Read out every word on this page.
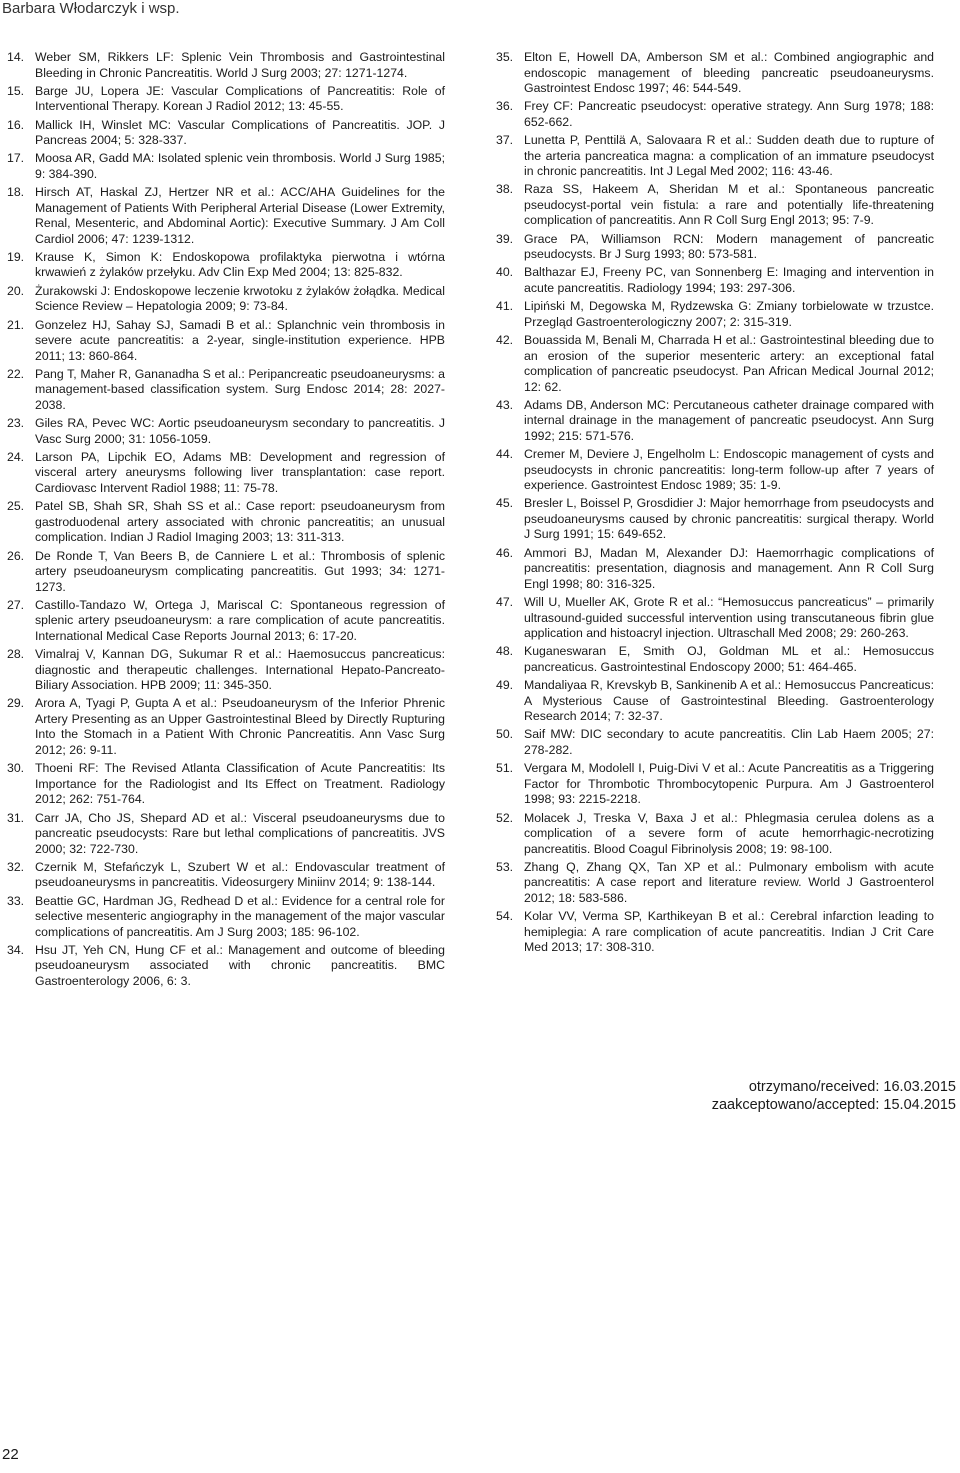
Barbara Włodarczyk i wsp.
14. Weber SM, Rikkers LF: Splenic Vein Thrombosis and Gastrointestinal Bleeding in Chronic Pancreatitis. World J Surg 2003; 27: 1271-1274.
15. Barge JU, Lopera JE: Vascular Complications of Pancreatitis: Role of Interventional Therapy. Korean J Radiol 2012; 13: 45-55.
16. Mallick IH, Winslet MC: Vascular Complications of Pancreatitis. JOP. J Pancreas 2004; 5: 328-337.
17. Moosa AR, Gadd MA: Isolated splenic vein thrombosis. World J Surg 1985; 9: 384-390.
18. Hirsch AT, Haskal ZJ, Hertzer NR et al.: ACC/AHA Guidelines for the Management of Patients With Peripheral Arterial Disease (Lower Extremity, Renal, Mesenteric, and Abdominal Aortic): Executive Summary. J Am Coll Cardiol 2006; 47: 1239-1312.
19. Krause K, Simon K: Endoskopowa profilaktyka pierwotna i wtórna krwawień z żylaków przełyku. Adv Clin Exp Med 2004; 13: 825-832.
20. Żurakowski J: Endoskopowe leczenie krwotoku z żylaków żołądka. Medical Science Review – Hepatologia 2009; 9: 73-84.
21. Gonzelez HJ, Sahay SJ, Samadi B et al.: Splanchnic vein thrombosis in severe acute pancreatitis: a 2-year, single-institution experience. HPB 2011; 13: 860-864.
22. Pang T, Maher R, Gananadha S et al.: Peripancreatic pseudoaneurysms: a management-based classification system. Surg Endosc 2014; 28: 2027-2038.
23. Giles RA, Pevec WC: Aortic pseudoaneurysm secondary to pancreatitis. J Vasc Surg 2000; 31: 1056-1059.
24. Larson PA, Lipchik EO, Adams MB: Development and regression of visceral artery aneurysms following liver transplantation: case report. Cardiovasc Intervent Radiol 1988; 11: 75-78.
25. Patel SB, Shah SR, Shah SS et al.: Case report: pseudoaneurysm from gastroduodenal artery associated with chronic pancreatitis; an unusual complication. Indian J Radiol Imaging 2003; 13: 311-313.
26. De Ronde T, Van Beers B, de Canniere L et al.: Thrombosis of splenic artery pseudoaneurysm complicating pancreatitis. Gut 1993; 34: 1271-1273.
27. Castillo-Tandazo W, Ortega J, Mariscal C: Spontaneous regression of splenic artery pseudoaneurysm: a rare complication of acute pancreatitis. International Medical Case Reports Journal 2013; 6: 17-20.
28. Vimalraj V, Kannan DG, Sukumar R et al.: Haemosuccus pancreaticus: diagnostic and therapeutic challenges. International Hepato-Pancreato-Biliary Association. HPB 2009; 11: 345-350.
29. Arora A, Tyagi P, Gupta A et al.: Pseudoaneurysm of the Inferior Phrenic Artery Presenting as an Upper Gastrointestinal Bleed by Directly Rupturing Into the Stomach in a Patient With Chronic Pancreatitis. Ann Vasc Surg 2012; 26: 9-11.
30. Thoeni RF: The Revised Atlanta Classification of Acute Pancreatitis: Its Importance for the Radiologist and Its Effect on Treatment. Radiology 2012; 262: 751-764.
31. Carr JA, Cho JS, Shepard AD et al.: Visceral pseudoaneurysms due to pancreatic pseudocysts: Rare but lethal complications of pancreatitis. JVS 2000; 32: 722-730.
32. Czernik M, Stefańczyk L, Szubert W et al.: Endovascular treatment of pseudoaneurysms in pancreatitis. Videosurgery Miniinv 2014; 9: 138-144.
33. Beattie GC, Hardman JG, Redhead D et al.: Evidence for a central role for selective mesenteric angiography in the management of the major vascular complications of pancreatitis. Am J Surg 2003; 185: 96-102.
34. Hsu JT, Yeh CN, Hung CF et al.: Management and outcome of bleeding pseudoaneurysm associated with chronic pancreatitis. BMC Gastroenterology 2006, 6: 3.
35. Elton E, Howell DA, Amberson SM et al.: Combined angiographic and endoscopic management of bleeding pancreatic pseudoaneurysms. Gastrointest Endosc 1997; 46: 544-549.
36. Frey CF: Pancreatic pseudocyst: operative strategy. Ann Surg 1978; 188: 652-662.
37. Lunetta P, Penttilä A, Salovaara R et al.: Sudden death due to rupture of the arteria pancreatica magna: a complication of an immature pseudocyst in chronic pancreatitis. Int J Legal Med 2002; 116: 43-46.
38. Raza SS, Hakeem A, Sheridan M et al.: Spontaneous pancreatic pseudocyst-portal vein fistula: a rare and potentially life-threatening complication of pancreatitis. Ann R Coll Surg Engl 2013; 95: 7-9.
39. Grace PA, Williamson RCN: Modern management of pancreatic pseudocysts. Br J Surg 1993; 80: 573-581.
40. Balthazar EJ, Freeny PC, van Sonnenberg E: Imaging and intervention in acute pancreatitis. Radiology 1994; 193: 297-306.
41. Lipiński M, Degowska M, Rydzewska G: Zmiany torbielowate w trzustce. Przegląd Gastroenterologiczny 2007; 2: 315-319.
42. Bouassida M, Benali M, Charrada H et al.: Gastrointestinal bleeding due to an erosion of the superior mesenteric artery: an exceptional fatal complication of pancreatic pseudocyst. Pan African Medical Journal 2012; 12: 62.
43. Adams DB, Anderson MC: Percutaneous catheter drainage compared with internal drainage in the management of pancreatic pseudocyst. Ann Surg 1992; 215: 571-576.
44. Cremer M, Deviere J, Engelholm L: Endoscopic management of cysts and pseudocysts in chronic pancreatitis: long-term follow-up after 7 years of experience. Gastrointest Endosc 1989; 35: 1-9.
45. Bresler L, Boissel P, Grosdidier J: Major hemorrhage from pseudocysts and pseudoaneurysms caused by chronic pancreatitis: surgical therapy. World J Surg 1991; 15: 649-652.
46. Ammori BJ, Madan M, Alexander DJ: Haemorrhagic complications of pancreatitis: presentation, diagnosis and management. Ann R Coll Surg Engl 1998; 80: 316-325.
47. Will U, Mueller AK, Grote R et al.: “Hemosuccus pancreaticus” – primarily ultrasound-guided successful intervention using transcutaneous fibrin glue application and histoacryl injection. Ultraschall Med 2008; 29: 260-263.
48. Kuganeswaran E, Smith OJ, Goldman ML et al.: Hemosuccus pancreaticus. Gastrointestinal Endoscopy 2000; 51: 464-465.
49. Mandaliyaa R, Krevskyb B, Sankinenib A et al.: Hemosuccus Pancreaticus: A Mysterious Cause of Gastrointestinal Bleeding. Gastroenterology Research 2014; 7: 32-37.
50. Saif MW: DIC secondary to acute pancreatitis. Clin Lab Haem 2005; 27: 278-282.
51. Vergara M, Modolell I, Puig-Divi V et al.: Acute Pancreatitis as a Triggering Factor for Thrombotic Thrombocytopenic Purpura. Am J Gastroenterol 1998; 93: 2215-2218.
52. Molacek J, Treska V, Baxa J et al.: Phlegmasia cerulea dolens as a complication of a severe form of acute hemorrhagic-necrotizing pancreatitis. Blood Coagul Fibrinolysis 2008; 19: 98-100.
53. Zhang Q, Zhang QX, Tan XP et al.: Pulmonary embolism with acute pancreatitis: A case report and literature review. World J Gastroenterol 2012; 18: 583-586.
54. Kolar VV, Verma SP, Karthikeyan B et al.: Cerebral infarction leading to hemiplegia: A rare complication of acute pancreatitis. Indian J Crit Care Med 2013; 17: 308-310.
otrzymano/received: 16.03.2015
zaakceptowano/accepted: 15.04.2015
22
